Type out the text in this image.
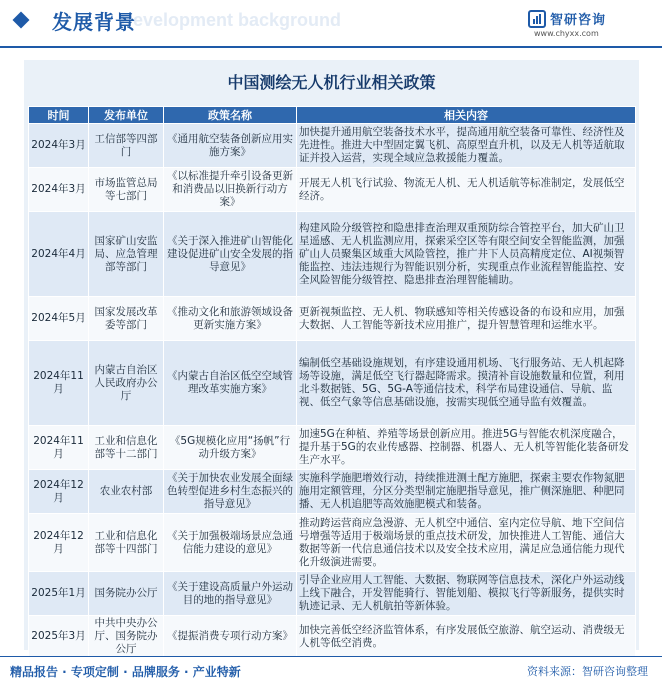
Development background
发展背景	智研咨询
www.chyxx.com
中国测绘无人机行业相关政策
时间	发布单位	政策名称	相关内容
2024年3月	工信部等四部门	《通用航空装备创新应用实施方案》	加快提升通用航空装备技术水平，提高通用航空装备可靠性、经济性及先进性。推进大中型固定翼飞机、高原型直升机，以及无人机等适航取证并投入运营，实现全域应急救援能力覆盖。
2024年3月	市场监管总局等七部门	《以标准提升牵引设备更新和消费品以旧换新行动方案》	开展无人机飞行试验、物流无人机、无人机适航等标准制定，发展低空经济。
2024年4月	国家矿山安监局、应急管理部等部门	《关于深入推进矿山智能化建设促进矿山安全发展的指导意见》	构建风险分级管控和隐患排查治理双重预防综合管控平台，加大矿山卫星遥感、无人机监测应用，探索采空区等有限空间安全智能监测，加强矿山人员聚集区域重大风险管控，推广井下人员高精度定位、AI视频智能监控、违法违规行为智能识别分析，实现重点作业流程智能监控、安全风险智能分级管控、隐患排查治理智能辅助。
2024年5月	国家发展改革委等部门	《推动文化和旅游领域设备更新实施方案》	更新视频监控、无人机、物联感知等相关传感设备的布设和应用，加强大数据、人工智能等新技术应用推广，提升智慧管理和运维水平。
2024年11月	内蒙古自治区人民政府办公厅	《内蒙古自治区低空空域管理改革实施方案》	编制低空基础设施规划，有序建设通用机场、飞行服务站、无人机起降场等设施，满足低空飞行器起降需求。摸清补盲设施数量和位置，利用北斗数据链、5G、5G-A等通信技术，科学布局建设通信、导航、监视、低空气象等信息基础设施，按需实现低空通导监有效覆盖。
2024年11月	工业和信息化部等十二部门	《5G规模化应用“扬帆”行动升级方案》	加速5G在种植、养殖等场景创新应用。推进5G与智能农机深度融合，提升基于5G的农业传感器、控制器、机器人、无人机等智能化装备研发生产水平。
2024年12月	农业农村部	《关于加快农业发展全面绿色转型促进乡村生态振兴的指导意见》	实施科学施肥增效行动，持续推进测土配方施肥，探索主要农作物氮肥施用定额管理，分区分类型制定施肥指导意见，推广侧深施肥、种肥同播、无人机追肥等高效施肥模式和装备。
2024年12月	工业和信息化部等十四部门	《关于加强极端场景应急通信能力建设的意见》	推动跨运营商应急漫游、无人机空中通信、室内定位导航、地下空间信号增强等适用于极端场景的重点技术研发，加快推进人工智能、通信大数据等新一代信息通信技术以及安全技术应用，满足应急通信能力现代化升级演进需要。
2025年1月	国务院办公厅	《关于建设高质量户外运动目的地的指导意见》	引导企业应用人工智能、大数据、物联网等信息技术，深化户外运动线上线下融合，开发智能骑行、智能划船、模拟飞行等新服务，提供实时轨迹记录、无人机航拍等新体验。
2025年3月	中共中央办公厅、国务院办公厅	《提振消费专项行动方案》	加快完善低空经济监管体系，有序发展低空旅游、航空运动、消费级无人机等低空消费。
精品报告 · 专项定制 · 品牌服务 · 产业特新	资料来源：智研咨询整理
